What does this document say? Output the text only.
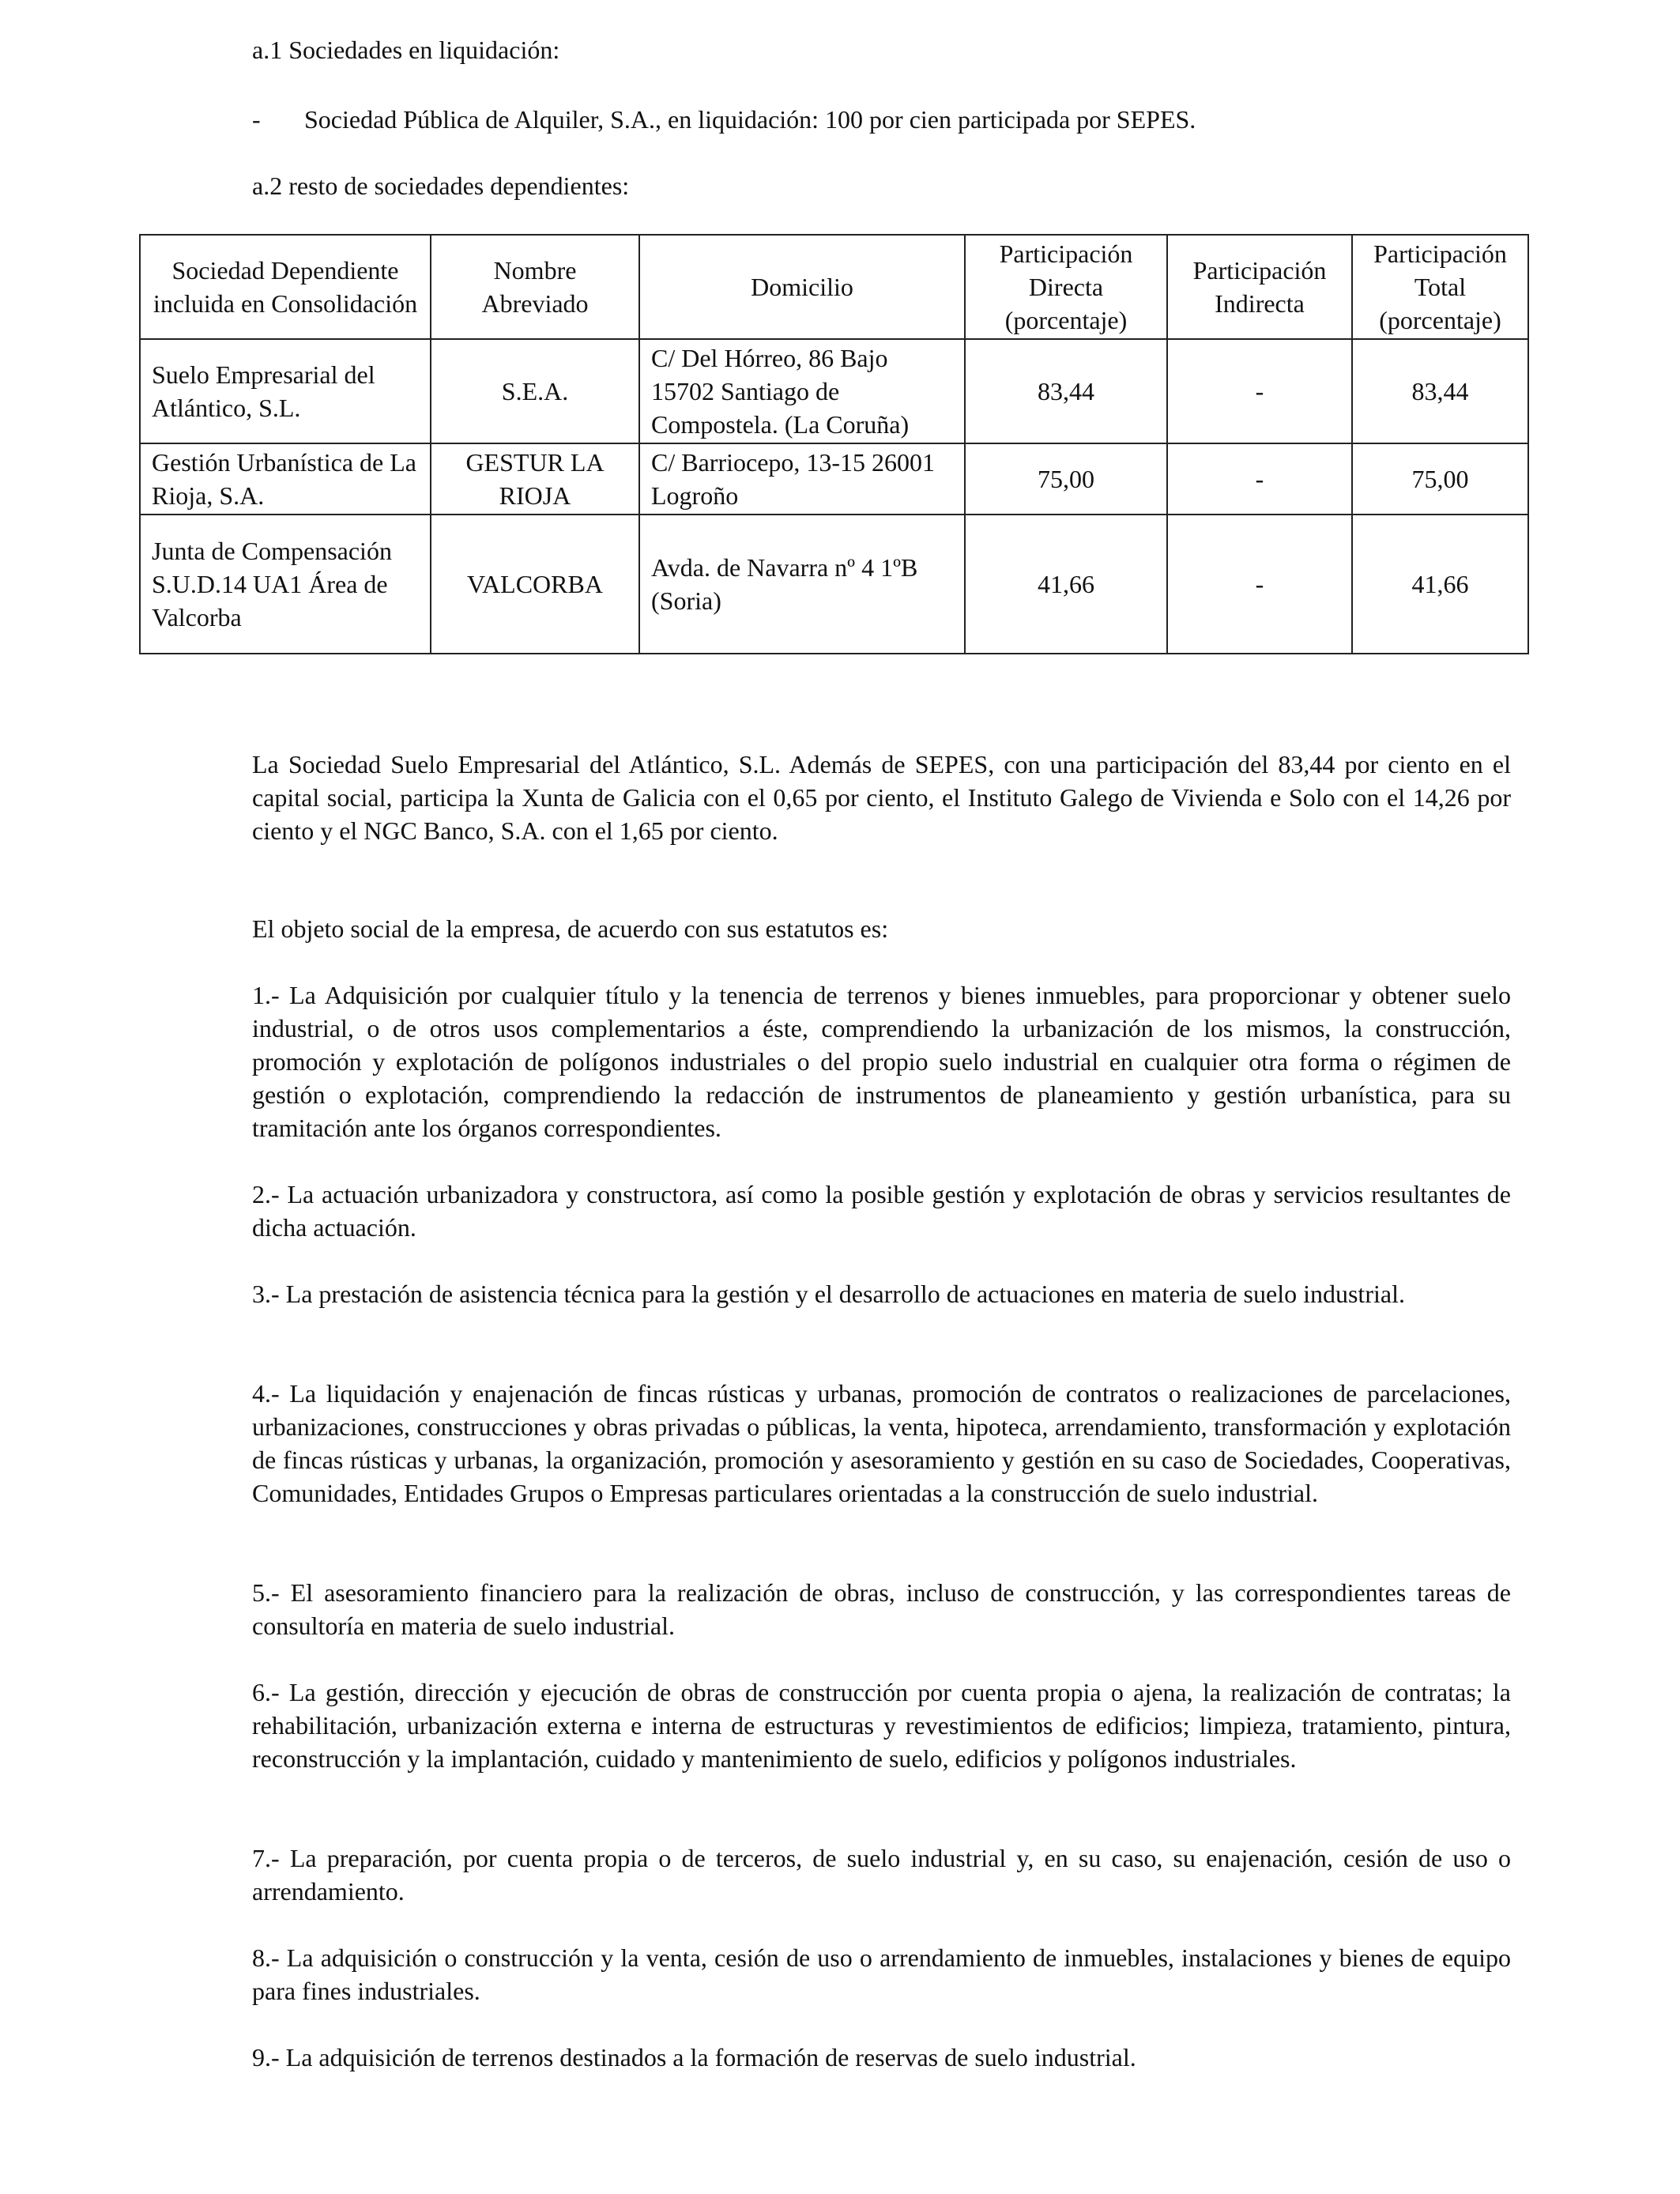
a.1 Sociedades en liquidación:
- Sociedad Pública de Alquiler, S.A., en liquidación: 100 por cien participada por SEPES.
a.2 resto de sociedades dependientes:
Sociedad Dependiente incluida en Consolidación	Nombre Abreviado	Domicilio	Participación Directa (porcentaje)	Participación Indirecta	Participación Total (porcentaje)
Suelo Empresarial del Atlántico, S.L.	S.E.A.	C/ Del Hórreo, 86 Bajo 15702 Santiago de Compostela. (La Coruña)	83,44	-	83,44
Gestión Urbanística de La Rioja, S.A.	GESTUR LA RIOJA	C/ Barriocepo, 13-15 26001 Logroño	75,00	-	75,00
Junta de Compensación S.U.D.14 UA1 Área de Valcorba	VALCORBA	Avda. de Navarra nº 4 1ºB (Soria)	41,66	-	41,66

La Sociedad Suelo Empresarial del Atlántico, S.L. Además de SEPES, con una participación del 83,44 por ciento en el capital social, participa la Xunta de Galicia con el 0,65 por ciento, el Instituto Galego de Vivienda e Solo con el 14,26 por ciento y el NGC Banco, S.A. con el 1,65 por ciento.

El objeto social de la empresa, de acuerdo con sus estatutos es:

1.- La Adquisición por cualquier título y la tenencia de terrenos y bienes inmuebles, para proporcionar y obtener suelo industrial, o de otros usos complementarios a éste, comprendiendo la urbanización de los mismos, la construcción, promoción y explotación de polígonos industriales o del propio suelo industrial en cualquier otra forma o régimen de gestión o explotación, comprendiendo la redacción de instrumentos de planeamiento y gestión urbanística, para su tramitación ante los órganos correspondientes.

2.- La actuación urbanizadora y constructora, así como la posible gestión y explotación de obras y servicios resultantes de dicha actuación.

3.- La prestación de asistencia técnica para la gestión y el desarrollo de actuaciones en materia de suelo industrial.

4.- La liquidación y enajenación de fincas rústicas y urbanas, promoción de contratos o realizaciones de parcelaciones, urbanizaciones, construcciones y obras privadas o públicas, la venta, hipoteca, arrendamiento, transformación y explotación de fincas rústicas y urbanas, la organización, promoción y asesoramiento y gestión en su caso de Sociedades, Cooperativas, Comunidades, Entidades Grupos o Empresas particulares orientadas a la construcción de suelo industrial.

5.- El asesoramiento financiero para la realización de obras, incluso de construcción, y las correspondientes tareas de consultoría en materia de suelo industrial.

6.- La gestión, dirección y ejecución de obras de construcción por cuenta propia o ajena, la realización de contratas; la rehabilitación, urbanización externa e interna de estructuras y revestimientos de edificios; limpieza, tratamiento, pintura, reconstrucción y la implantación, cuidado y mantenimiento de suelo, edificios y polígonos industriales.

7.- La preparación, por cuenta propia o de terceros, de suelo industrial y, en su caso, su enajenación, cesión de uso o arrendamiento.

8.- La adquisición o construcción y la venta, cesión de uso o arrendamiento de inmuebles, instalaciones y bienes de equipo para fines industriales.

9.- La adquisición de terrenos destinados a la formación de reservas de suelo industrial.
